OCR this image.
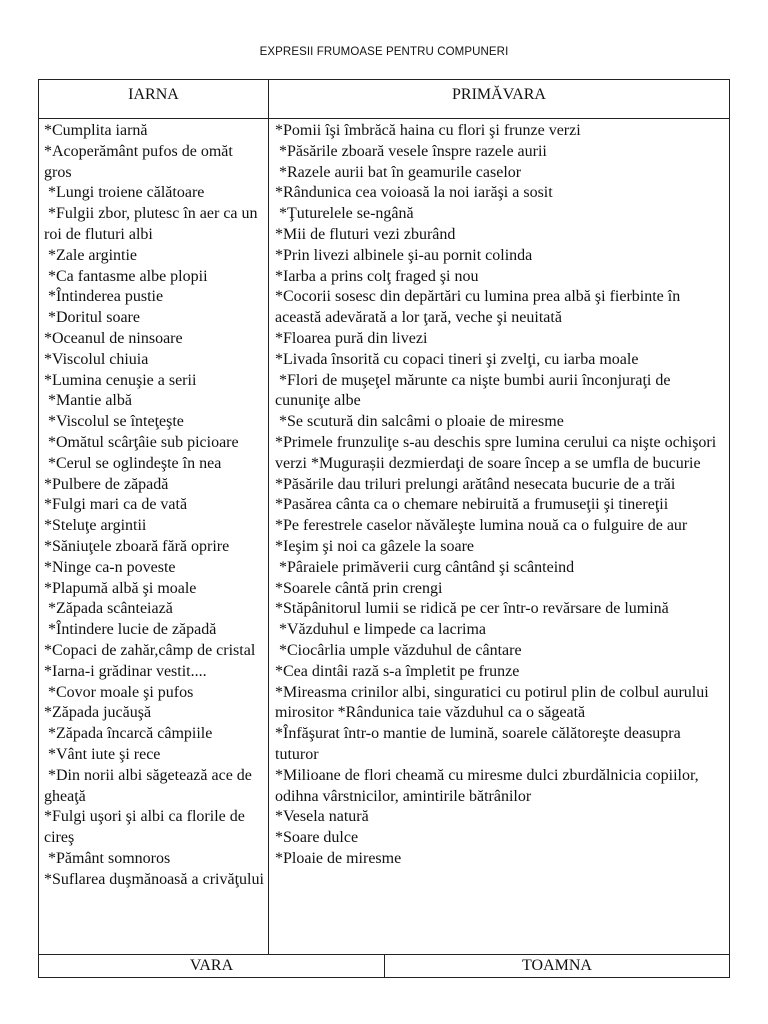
EXPRESII FRUMOASE PENTRU COMPUNERI
IARNA	PRIMĂVARA

*Cumplita iarnă

*Acoperământ pufos de omăt gros

*Lungi troiene călătoare

*Fulgii zbor, plutesc în aer ca un roi de fluturi albi

*Zale argintie

*Ca fantasme albe plopii

*Întinderea pustie

*Doritul soare

*Oceanul de ninsoare

*Viscolul chiuia

*Lumina cenuşie a serii

*Mantie albă

*Viscolul se înteţeşte

*Omătul scârţâie sub picioare

*Cerul se oglindeşte în nea

*Pulbere de zăpadă

*Fulgi mari ca de vată

*Steluţe argintii

*Săniuţele zboară fără oprire

*Ninge ca-n poveste

*Plapumă albă şi moale

*Zăpada scânteiază

*Întindere lucie de zăpadă

*Copaci de zahăr,câmp de cristal

*Iarna-i grădinar vestit....

*Covor moale şi pufos

*Zăpada jucăuşă

*Zăpada încarcă câmpiile

*Vânt iute şi rece

*Din norii albi săgetează ace de gheaţă

*Fulgi uşori şi albi ca florile de cireş

*Pământ somnoros

*Suflarea duşmănoasă a crivăţului

*Pomii îşi îmbrăcă haina cu flori şi frunze verzi

*Păsările zboară vesele înspre razele aurii

*Razele aurii bat în geamurile caselor

*Rândunica cea voioasă la noi iarăşi a sosit

*Ţuturelele se-ngână

*Mii de fluturi vezi zburând

*Prin livezi albinele şi-au pornit colinda

*Iarba a prins colţ fraged şi nou

*Cocorii sosesc din depărtări cu lumina prea albă şi fierbinte în această adevărată a lor ţară, veche şi neuitată

*Floarea pură din livezi

*Livada însorită cu copaci tineri şi zvelţi, cu iarba moale

*Flori de muşeţel mărunte ca nişte bumbi aurii înconjuraţi de cununiţe albe

*Se scutură din salcâmi o ploaie de miresme

*Primele frunzuliţe s-au deschis spre lumina cerului ca nişte ochişori verzi *Mugurașii dezmierdaţi de soare încep a se umfla de bucurie

*Păsările dau triluri prelungi arătând nesecata bucurie de a trăi

*Pasărea cânta ca o chemare nebiruită a frumuseţii şi tinereţii

*Pe ferestrele caselor năvăleşte lumina nouă ca o fulguire de aur

*Ieşim şi noi ca gâzele la soare

*Pâraiele primăverii curg cântând şi scânteind

*Soarele cântă prin crengi

*Stăpânitorul lumii se ridică pe cer într-o revărsare de lumină

*Văzduhul e limpede ca lacrima

*Ciocârlia umple văzduhul de cântare

*Cea dintâi rază s-a împletit pe frunze

*Mireasma crinilor albi, singuratici cu potirul plin de colbul aurului mirositor *Rândunica taie văzduhul ca o săgeată

*Înfăşurat într-o mantie de lumină, soarele călătoreşte deasupra tuturor

*Milioane de flori cheamă cu miresme dulci zburdălnicia copiilor, odihna vârstnicilor, amintirile bătrânilor

*Vesela natură

*Soare dulce

*Ploaie de miresme

VARA	TOAMNA
